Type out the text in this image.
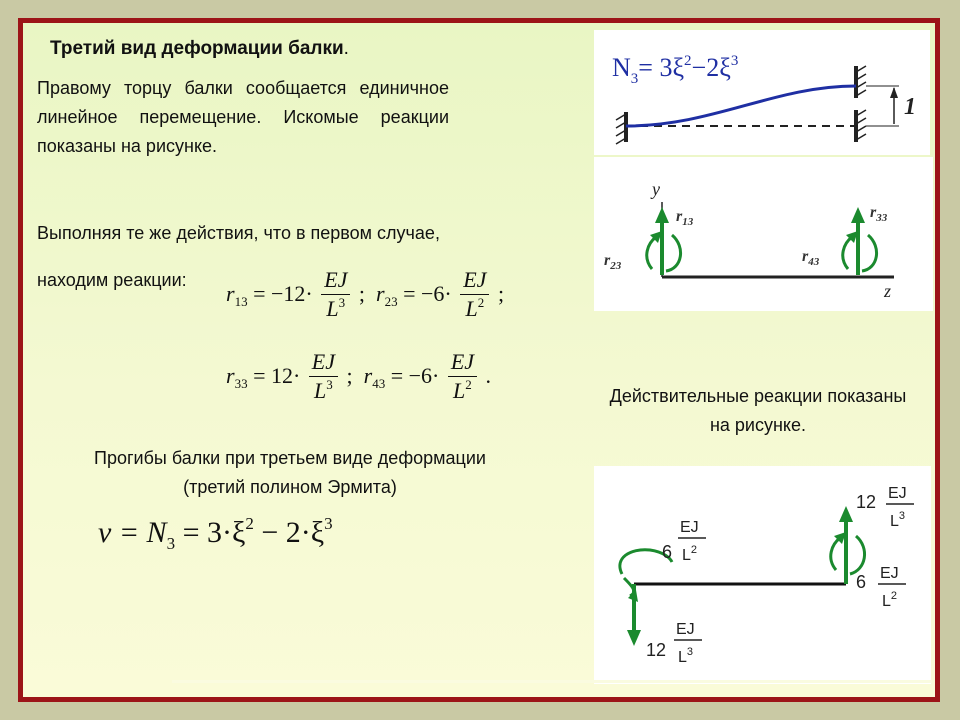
Третий вид деформации балки.
Правому торцу балки сообщается единичное линейное перемещение. Искомые реакции показаны на рисунке.
Выполняя те же действия, что в первом случае,
находим реакции:
$r_{13} = -12\cdot \frac{EJ}{L^3}$ ; $r_{23} = -6\cdot \frac{EJ}{L^2}$ ;
$r_{33} = 12\cdot \frac{EJ}{L^3}$ ; $r_{43} = -6\cdot \frac{EJ}{L^2}$ .
Прогибы балки при третьем виде деформации (третий полином Эрмита)
$v = N_3 = 3\cdot\xi^2 - 2\cdot\xi^3$
Действительные реакции показаны на рисунке.
$N_3= 3\xi^2-2\xi^3$
1
y
z
$r_{13}$
$r_{23}$
$r_{33}$
$r_{43}$
6
EJ
$L^2$
12
EJ
$L^3$
12 EJ
$L^3$
6 EJ
$L^2$
